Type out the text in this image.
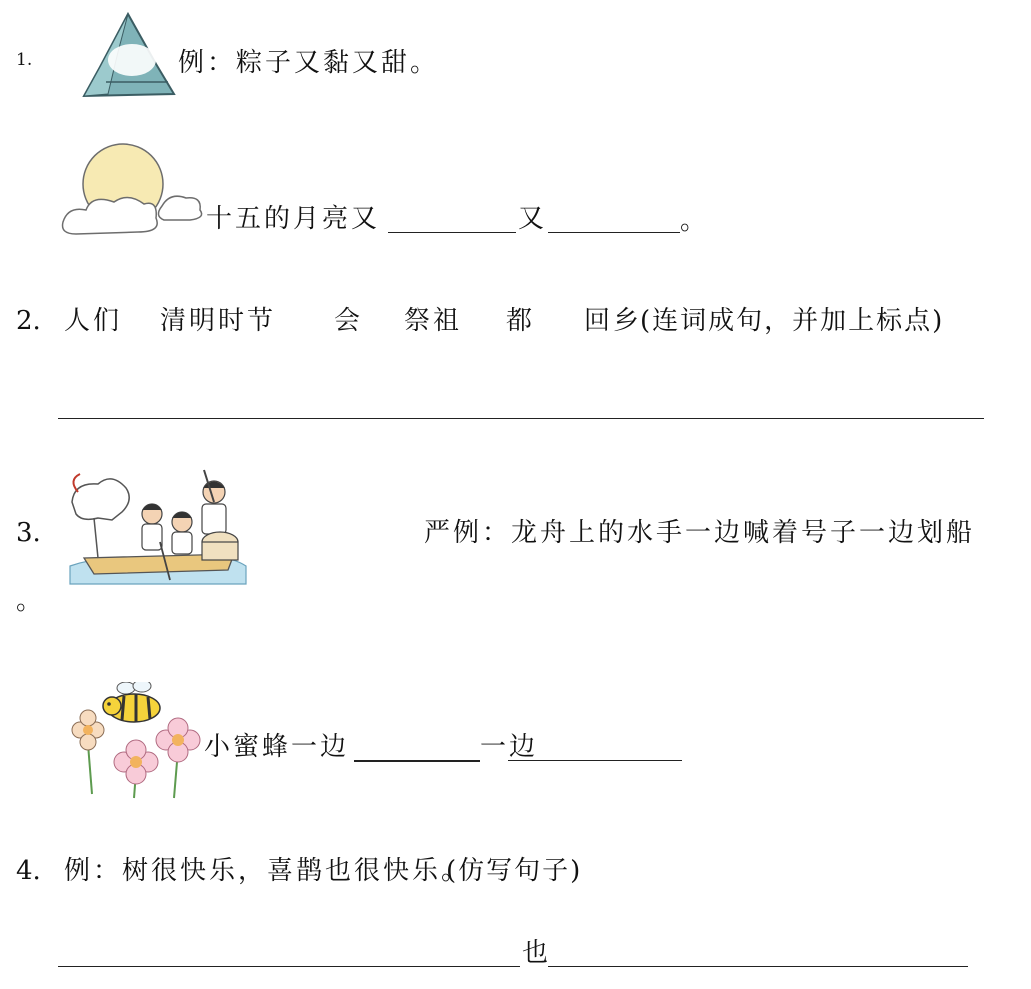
1.	例：粽子又黏又甜。
十五的月亮又	又	。
2. 人们 清明时节 会 祭祖 都 回乡
(连词成句，并加上标点)
3.	严例：龙舟上的水手一边喊着号子一边划船
。
小蜜蜂一边	一边
4. 例：树很快乐，喜鹊也很快乐。
(仿写句子)
也
